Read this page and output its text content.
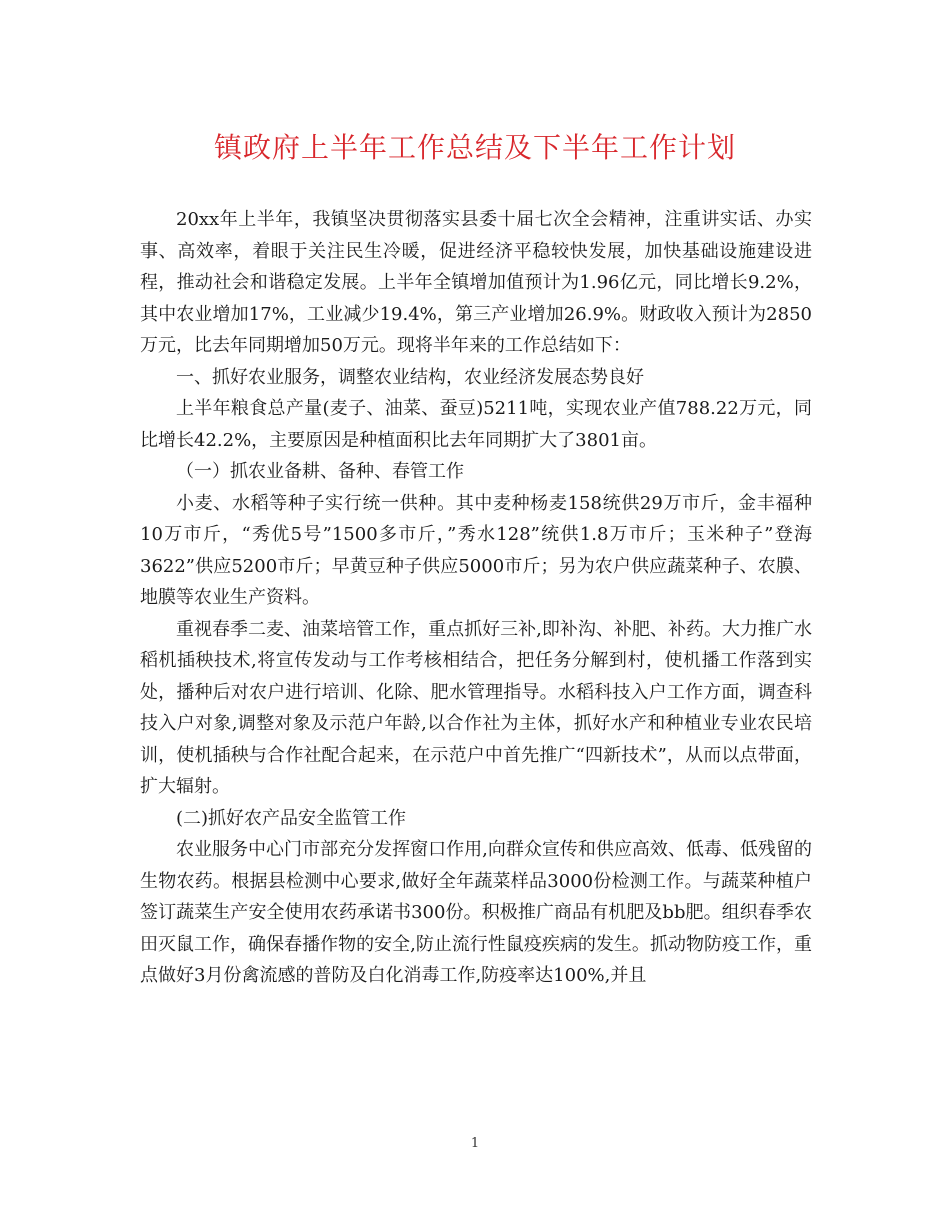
镇政府上半年工作总结及下半年工作计划

20xx年上半年，我镇坚决贯彻落实县委十届七次全会精神，注重讲实话、办实事、高效率，着眼于关注民生冷暖，促进经济平稳较快发展，加快基础设施建设进程，推动社会和谐稳定发展。上半年全镇增加值预计为1.96亿元，同比增长9.2%，其中农业增加17%，工业减少19.4%，第三产业增加26.9%。财政收入预计为2850万元，比去年同期增加50万元。现将半年来的工作总结如下：

一、抓好农业服务，调整农业结构，农业经济发展态势良好

上半年粮食总产量(麦子、油菜、蚕豆)5211吨，实现农业产值788.22万元，同比增长42.2%，主要原因是种植面积比去年同期扩大了3801亩。

（一）抓农业备耕、备种、春管工作

小麦、水稻等种子实行统一供种。其中麦种杨麦158统供29万市斤，金丰福种10万市斤，“秀优5号”1500多市斤，”秀水128”统供1.8万市斤；玉米种子”登海3622”供应5200市斤；早黄豆种子供应5000市斤；另为农户供应蔬菜种子、农膜、地膜等农业生产资料。

重视春季二麦、油菜培管工作，重点抓好三补,即补沟、补肥、补药。大力推广水稻机插秧技术,将宣传发动与工作考核相结合，把任务分解到村，使机播工作落到实处，播种后对农户进行培训、化除、肥水管理指导。水稻科技入户工作方面，调查科技入户对象,调整对象及示范户年龄,以合作社为主体，抓好水产和种植业专业农民培训，使机插秧与合作社配合起来，在示范户中首先推广“四新技术”，从而以点带面，扩大辐射。

(二)抓好农产品安全监管工作

农业服务中心门市部充分发挥窗口作用,向群众宣传和供应高效、低毒、低残留的生物农药。根据县检测中心要求,做好全年蔬菜样品3000份检测工作。与蔬菜种植户签订蔬菜生产安全使用农药承诺书300份。积极推广商品有机肥及bb肥。组织春季农田灭鼠工作，确保春播作物的安全,防止流行性鼠疫疾病的发生。抓动物防疫工作，重点做好3月份禽流感的普防及白化消毒工作,防疫率达100%,并且

1
